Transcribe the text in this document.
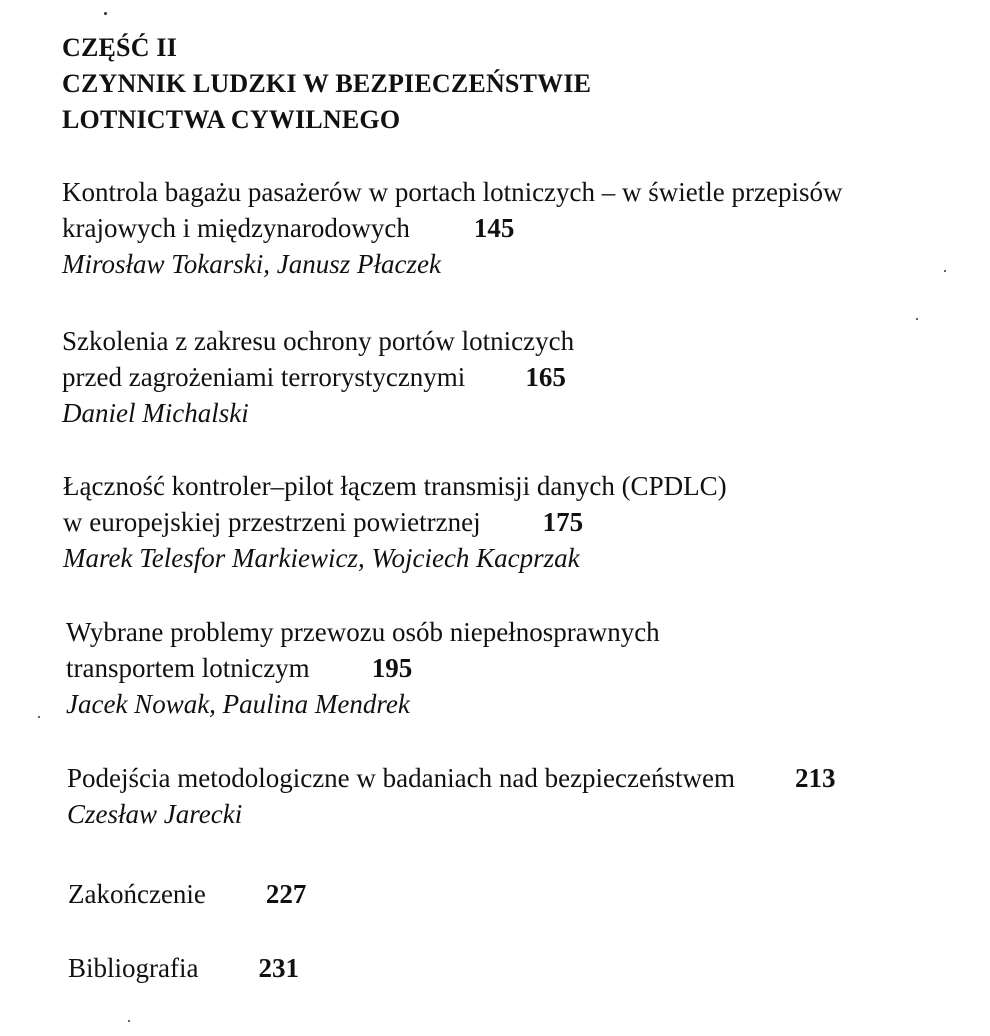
CZĘŚĆ II
CZYNNIK LUDZKI W BEZPIECZEŃSTWIE
LOTNICTWA CYWILNEGO
Kontrola bagażu pasażerów w portach lotniczych – w świetle przepisów
krajowych i międzynarodowych 145
Mirosław Tokarski, Janusz Płaczek
Szkolenia z zakresu ochrony portów lotniczych
przed zagrożeniami terrorystycznymi 165
Daniel Michalski
Łączność kontroler–pilot łączem transmisji danych (CPDLC)
w europejskiej przestrzeni powietrznej 175
Marek Telesfor Markiewicz, Wojciech Kacprzak
Wybrane problemy przewozu osób niepełnosprawnych
transportem lotniczym 195
Jacek Nowak, Paulina Mendrek
Podejścia metodologiczne w badaniach nad bezpieczeństwem 213
Czesław Jarecki
Zakończenie 227
Bibliografia 231
